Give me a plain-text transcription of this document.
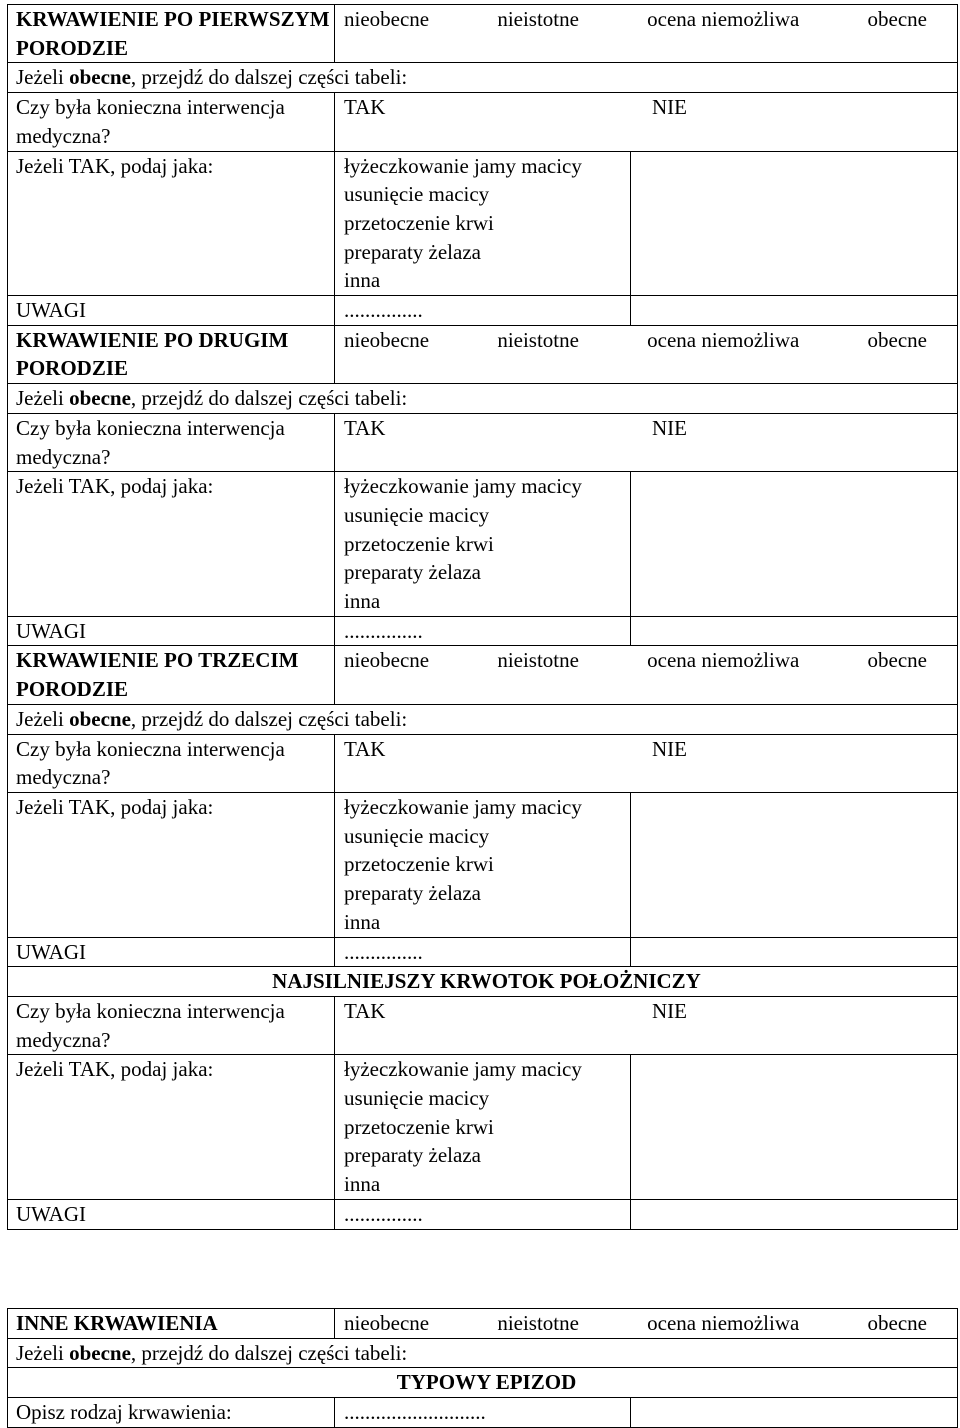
KRWAWIENIE PO PIERWSZYM PORODZIE	nieobecne nieistotne ocena niemożliwa obecne	

Jeżeli obecne, przejdź do dalszej części tabeli:		
Czy była konieczna interwencja medyczna?	TAK NIE	

Jeżeli TAK, podaj jaka:	łyżeczkowanie jamy macicy
usunięcie macicy
przetoczenie krwi
preparaty żelaza
inna	

UWAGI	...............	
KRWAWIENIE PO DRUGIM PORODZIE	nieobecne nieistotne ocena niemożliwa obecne	

Jeżeli obecne, przejdź do dalszej części tabeli:		
Czy była konieczna interwencja medyczna?	TAK NIE	

Jeżeli TAK, podaj jaka:	łyżeczkowanie jamy macicy
usunięcie macicy
przetoczenie krwi
preparaty żelaza
inna	

UWAGI	...............	
KRWAWIENIE PO TRZECIM PORODZIE	nieobecne nieistotne ocena niemożliwa obecne	

Jeżeli obecne, przejdź do dalszej części tabeli:		
Czy była konieczna interwencja medyczna?	TAK NIE	

Jeżeli TAK, podaj jaka:	łyżeczkowanie jamy macicy
usunięcie macicy
przetoczenie krwi
preparaty żelaza
inna	

UWAGI	...............	
NAJSILNIEJSZY KRWOTOK POŁOŻNICZY		
Czy była konieczna interwencja medyczna?	TAK NIE	

Jeżeli TAK, podaj jaka:	łyżeczkowanie jamy macicy
usunięcie macicy
przetoczenie krwi
preparaty żelaza
inna	

UWAGI	...............	
INNE KRWAWIENIA	nieobecne nieistotne ocena niemożliwa obecne	

Jeżeli obecne, przejdź do dalszej części tabeli:		
TYPOWY EPIZOD		
Opisz rodzaj krwawienia:	...........................	
